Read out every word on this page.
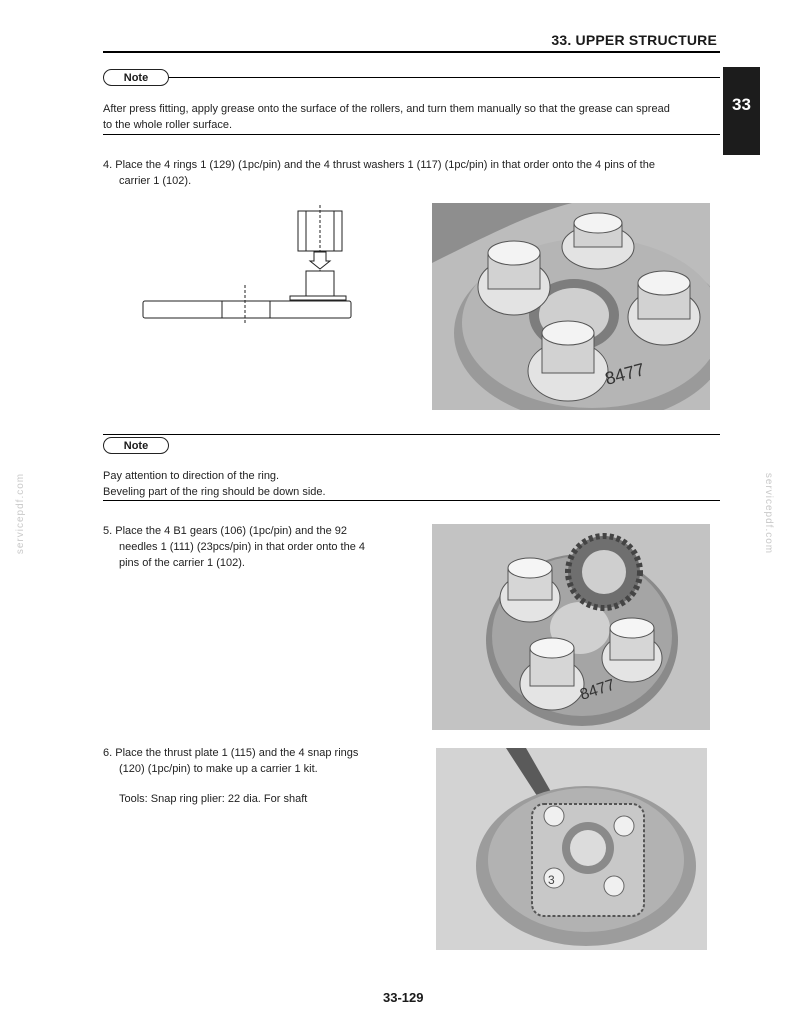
33. UPPER STRUCTURE
33
servicepdf.com	servicepdf.com
Note
After press fitting, apply grease onto the surface of the rollers, and turn them manually so that the grease can spread
to the whole roller surface.
4. Place the 4 rings 1 (129) (1pc/pin) and the 4 thrust washers 1 (117) (1pc/pin) in that order onto the 4 pins of the
carrier 1 (102).
8477
Note
Pay attention to direction of the ring.
Beveling part of the ring should be down side.
5. Place the 4 B1 gears (106) (1pc/pin) and the 92
needles 1 (111) (23pcs/pin) in that order onto the 4
pins of the carrier 1 (102).
8477
6. Place the thrust plate 1 (115) and the 4 snap rings
(120) (1pc/pin) to make up a carrier 1 kit.
Tools: Snap ring plier: 22 dia. For shaft
3
33-129
